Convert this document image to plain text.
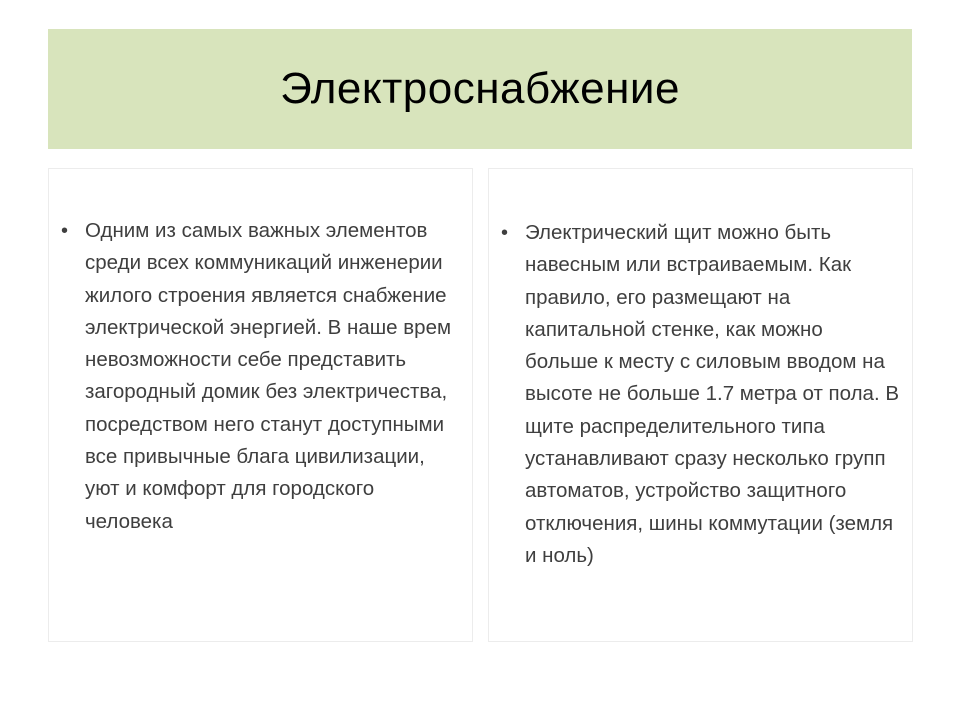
Электроснабжение
• Одним из самых важных элементов среди всех коммуникаций инженерии жилого строения является снабжение электрической энергией. В наше врем невозможности себе представить загородный домик без электричества, посредством него станут доступными все привычные блага цивилизации, уют и комфорт для городского человека
• Электрический щит можно быть навесным или встраиваемым. Как правило, его размещают на капитальной стенке, как можно больше к месту с силовым вводом на высоте не больше 1.7 метра от пола. В щите распределительного типа устанавливают сразу несколько групп автоматов, устройство защитного отключения, шины коммутации (земля и ноль)
